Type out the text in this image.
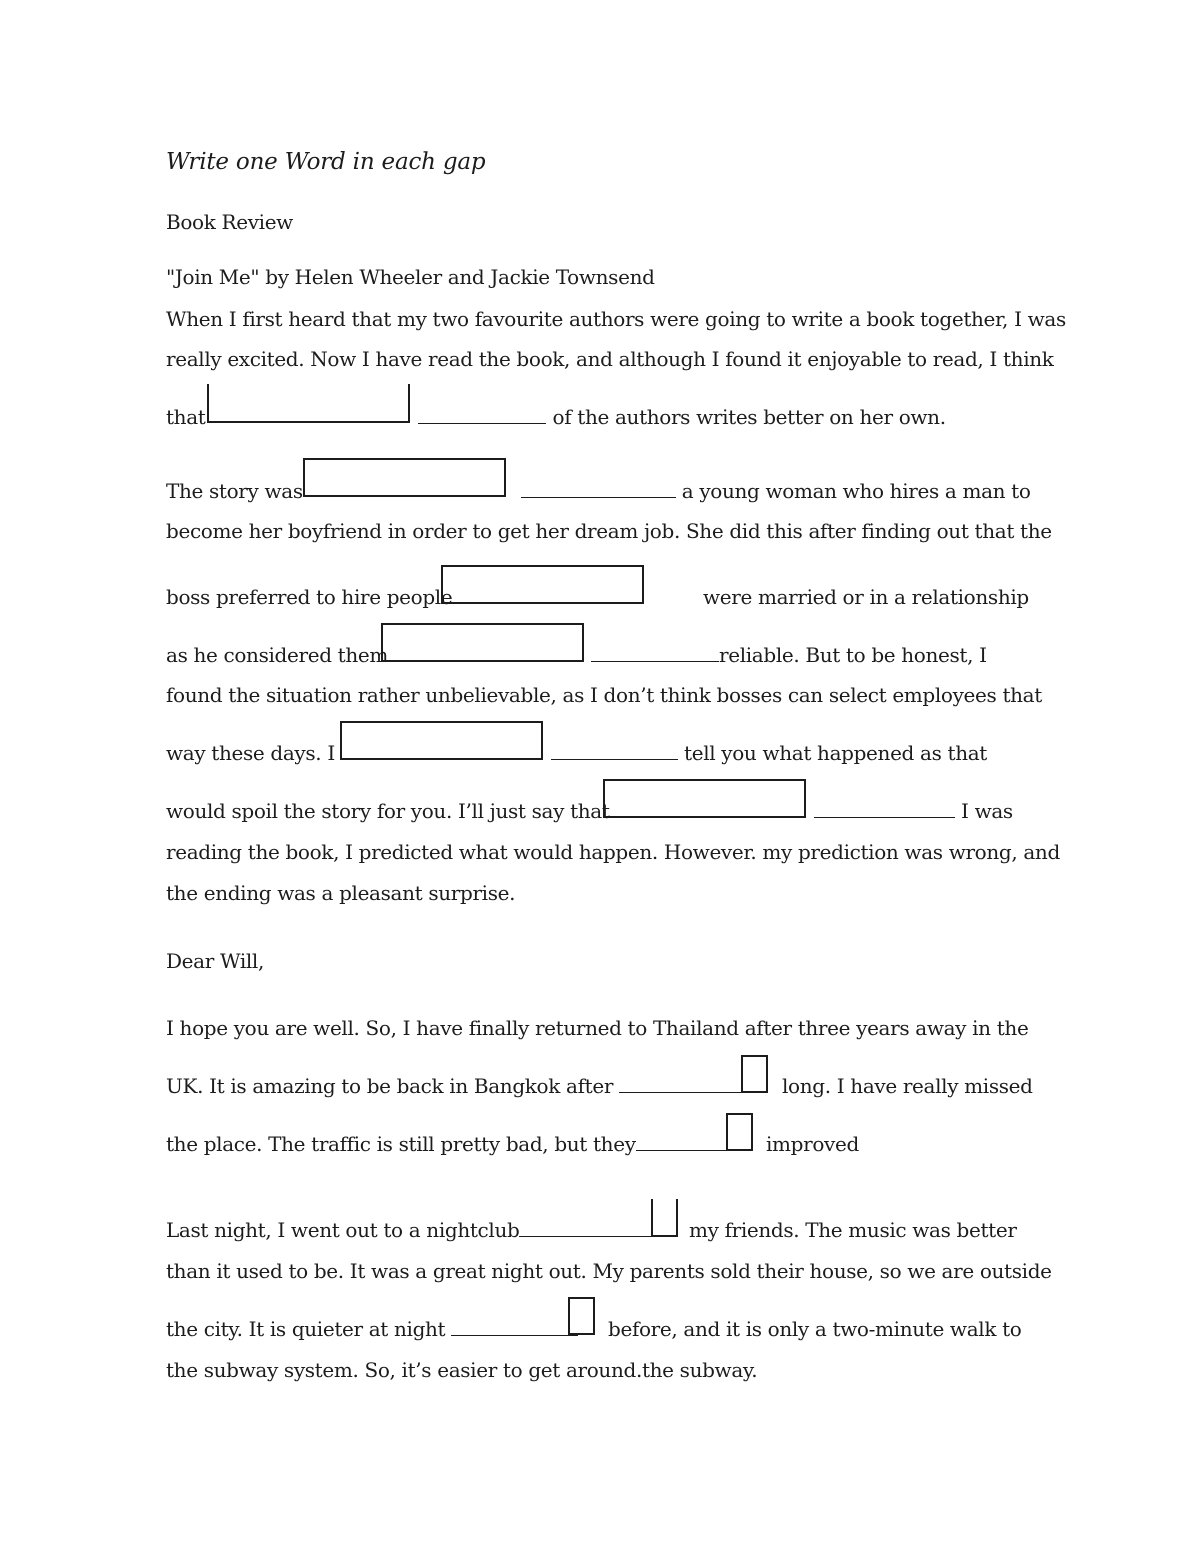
Write one Word in each gap
Book Review
"Join Me" by Helen Wheeler and Jackie Townsend
When I first heard that my two favourite authors were going to write a book together, I was
really excited. Now I have read the book, and although I found it enjoyable to read, I think
that	of the authors writes better on her own.
The story was	a young woman who hires a man to
become her boyfriend in order to get her dream job. She did this after finding out that the
boss preferred to hire people	were married or in a relationship
as he considered them	reliable. But to be honest, I
found the situation rather unbelievable, as I don’t think bosses can select employees that
way these days. I	tell you what happened as that
would spoil the story for you. I’ll just say that	I was
reading the book, I predicted what would happen. However. my prediction was wrong, and
the ending was a pleasant surprise.
Dear Will,
I hope you are well. So, I have finally returned to Thailand after three years away in the
UK. It is amazing to be back in Bangkok after	long. I have really missed
the place. The traffic is still pretty bad, but they	improved
Last night, I went out to a nightclub	my friends. The music was better
than it used to be. It was a great night out. My parents sold their house, so we are outside
the city. It is quieter at night	before, and it is only a two-minute walk to
the subway system. So, it’s easier to get around.the subway.
